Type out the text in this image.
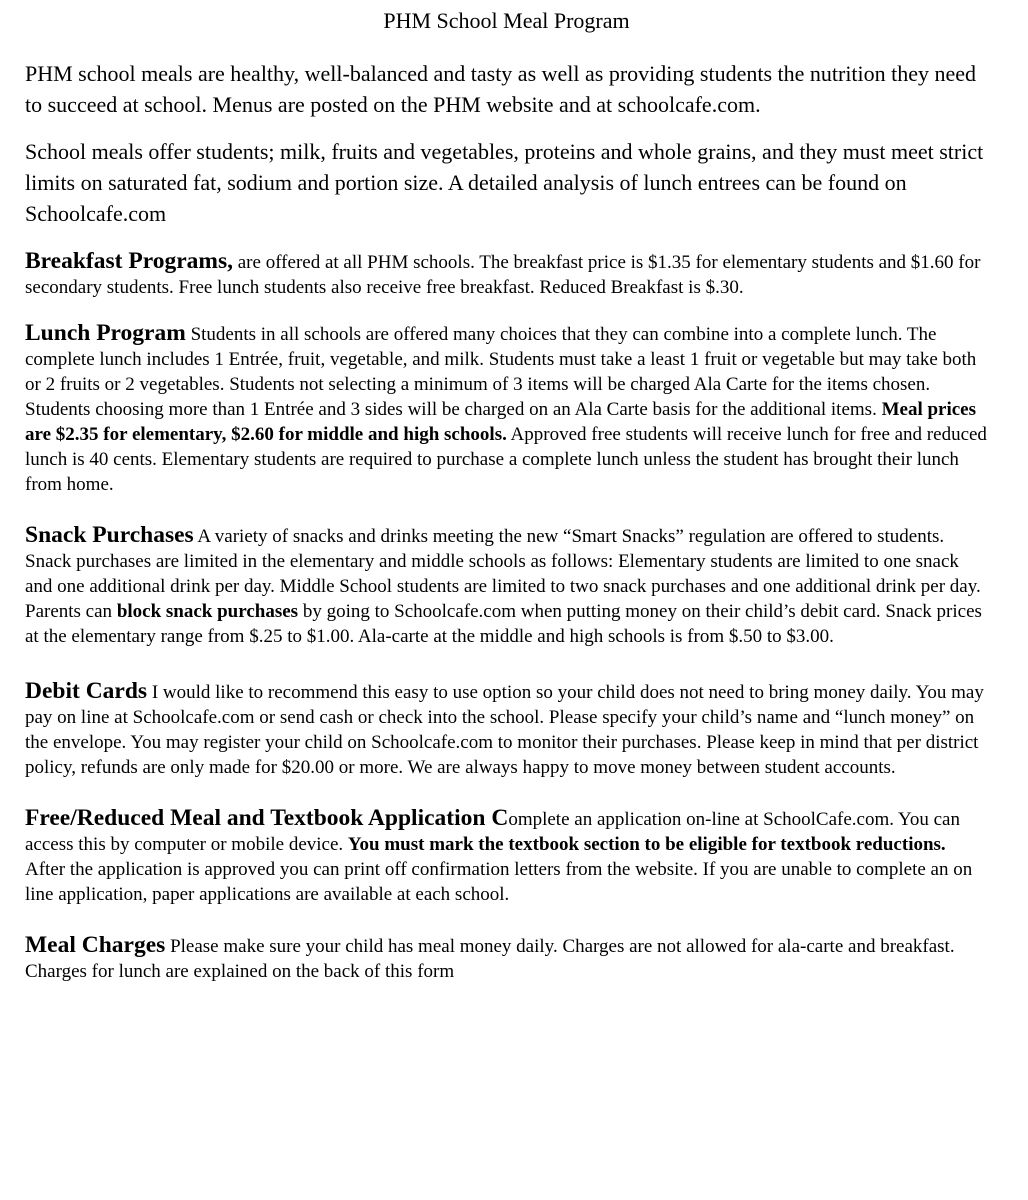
PHM School Meal Program

PHM school meals are healthy, well-balanced and tasty as well as providing students the nutrition they need to succeed at school. Menus are posted on the PHM website and at schoolcafe.com.

School meals offer students; milk, fruits and vegetables, proteins and whole grains, and they must meet strict limits on saturated fat, sodium and portion size. A detailed analysis of lunch entrees can be found on Schoolcafe.com

Breakfast Programs, are offered at all PHM schools. The breakfast price is $1.35 for elementary students and $1.60 for secondary students. Free lunch students also receive free breakfast. Reduced Breakfast is $.30.

Lunch Program Students in all schools are offered many choices that they can combine into a complete lunch. The complete lunch includes 1 Entrée, fruit, vegetable, and milk. Students must take a least 1 fruit or vegetable but may take both or 2 fruits or 2 vegetables. Students not selecting a minimum of 3 items will be charged Ala Carte for the items chosen. Students choosing more than 1 Entrée and 3 sides will be charged on an Ala Carte basis for the additional items. Meal prices are $2.35 for elementary, $2.60 for middle and high schools. Approved free students will receive lunch for free and reduced lunch is 40 cents. Elementary students are required to purchase a complete lunch unless the student has brought their lunch from home.

Snack Purchases A variety of snacks and drinks meeting the new “Smart Snacks” regulation are offered to students. Snack purchases are limited in the elementary and middle schools as follows: Elementary students are limited to one snack and one additional drink per day. Middle School students are limited to two snack purchases and one additional drink per day. Parents can block snack purchases by going to Schoolcafe.com when putting money on their child’s debit card. Snack prices at the elementary range from $.25 to $1.00. Ala-carte at the middle and high schools is from $.50 to $3.00.

Debit Cards I would like to recommend this easy to use option so your child does not need to bring money daily. You may pay on line at Schoolcafe.com or send cash or check into the school. Please specify your child’s name and “lunch money” on the envelope. You may register your child on Schoolcafe.com to monitor their purchases. Please keep in mind that per district policy, refunds are only made for $20.00 or more. We are always happy to move money between student accounts.

Free/Reduced Meal and Textbook Application Complete an application on-line at SchoolCafe.com. You can access this by computer or mobile device. You must mark the textbook section to be eligible for textbook reductions. After the application is approved you can print off confirmation letters from the website. If you are unable to complete an on line application, paper applications are available at each school.

Meal Charges Please make sure your child has meal money daily. Charges are not allowed for ala-carte and breakfast. Charges for lunch are explained on the back of this form
